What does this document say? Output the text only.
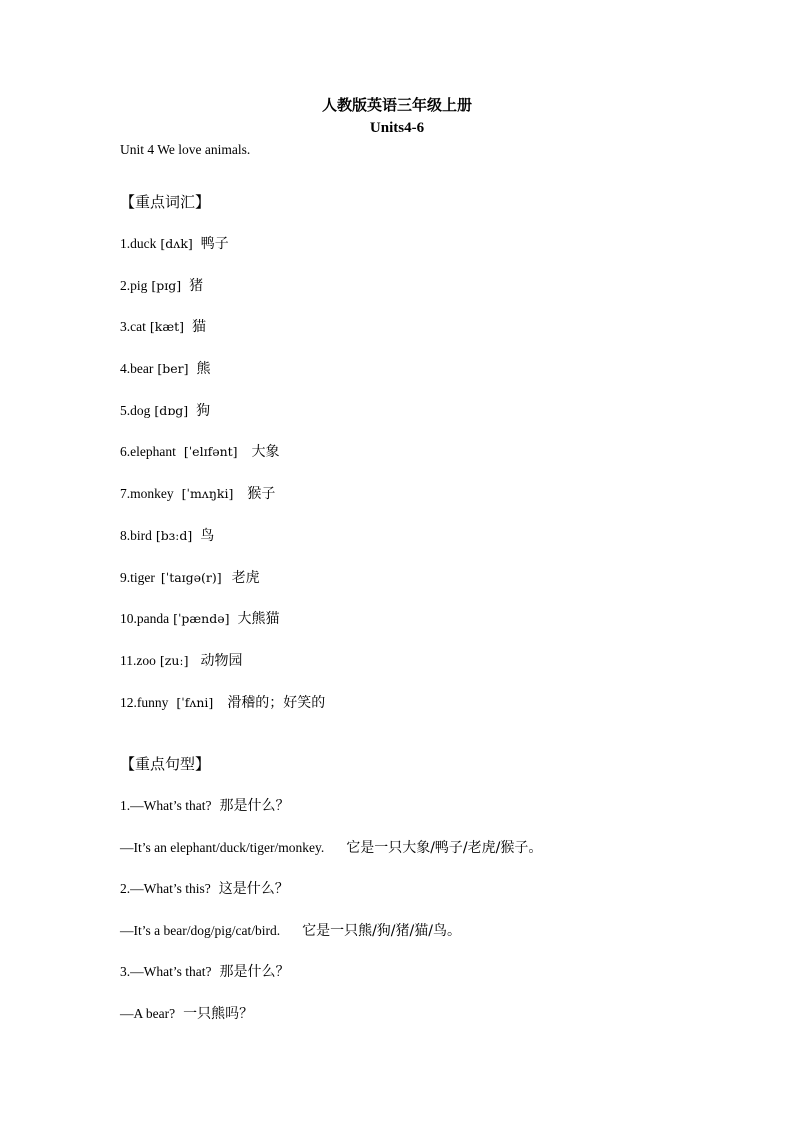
人教版英语三年级上册
Units4-6
Unit 4 We love animals.
【重点词汇】
1.duck [dʌk] 鸭子
2.pig [pɪg] 猪
3.cat [kæt] 猫
4.bear [ber] 熊
5.dog [dɒg] 狗
6.elephant [ˈelɪfənt] 大象
7.monkey [ˈmʌŋki] 猴子
8.bird [bɜːd] 鸟
9.tiger [ˈtaɪgə(r)] 老虎
10.panda [ˈpændə] 大熊猫
11.zoo [zuː] 动物园
12.funny [ˈfʌni] 滑稽的；好笑的
【重点句型】
1.—What’s that? 那是什么？
—It’s an elephant/duck/tiger/monkey. 它是一只大象/鸭子/老虎/猴子。
2.—What’s this? 这是什么？
—It’s a bear/dog/pig/cat/bird. 它是一只熊/狗/猪/猫/鸟。
3.—What’s that? 那是什么？
—A bear? 一只熊吗？
